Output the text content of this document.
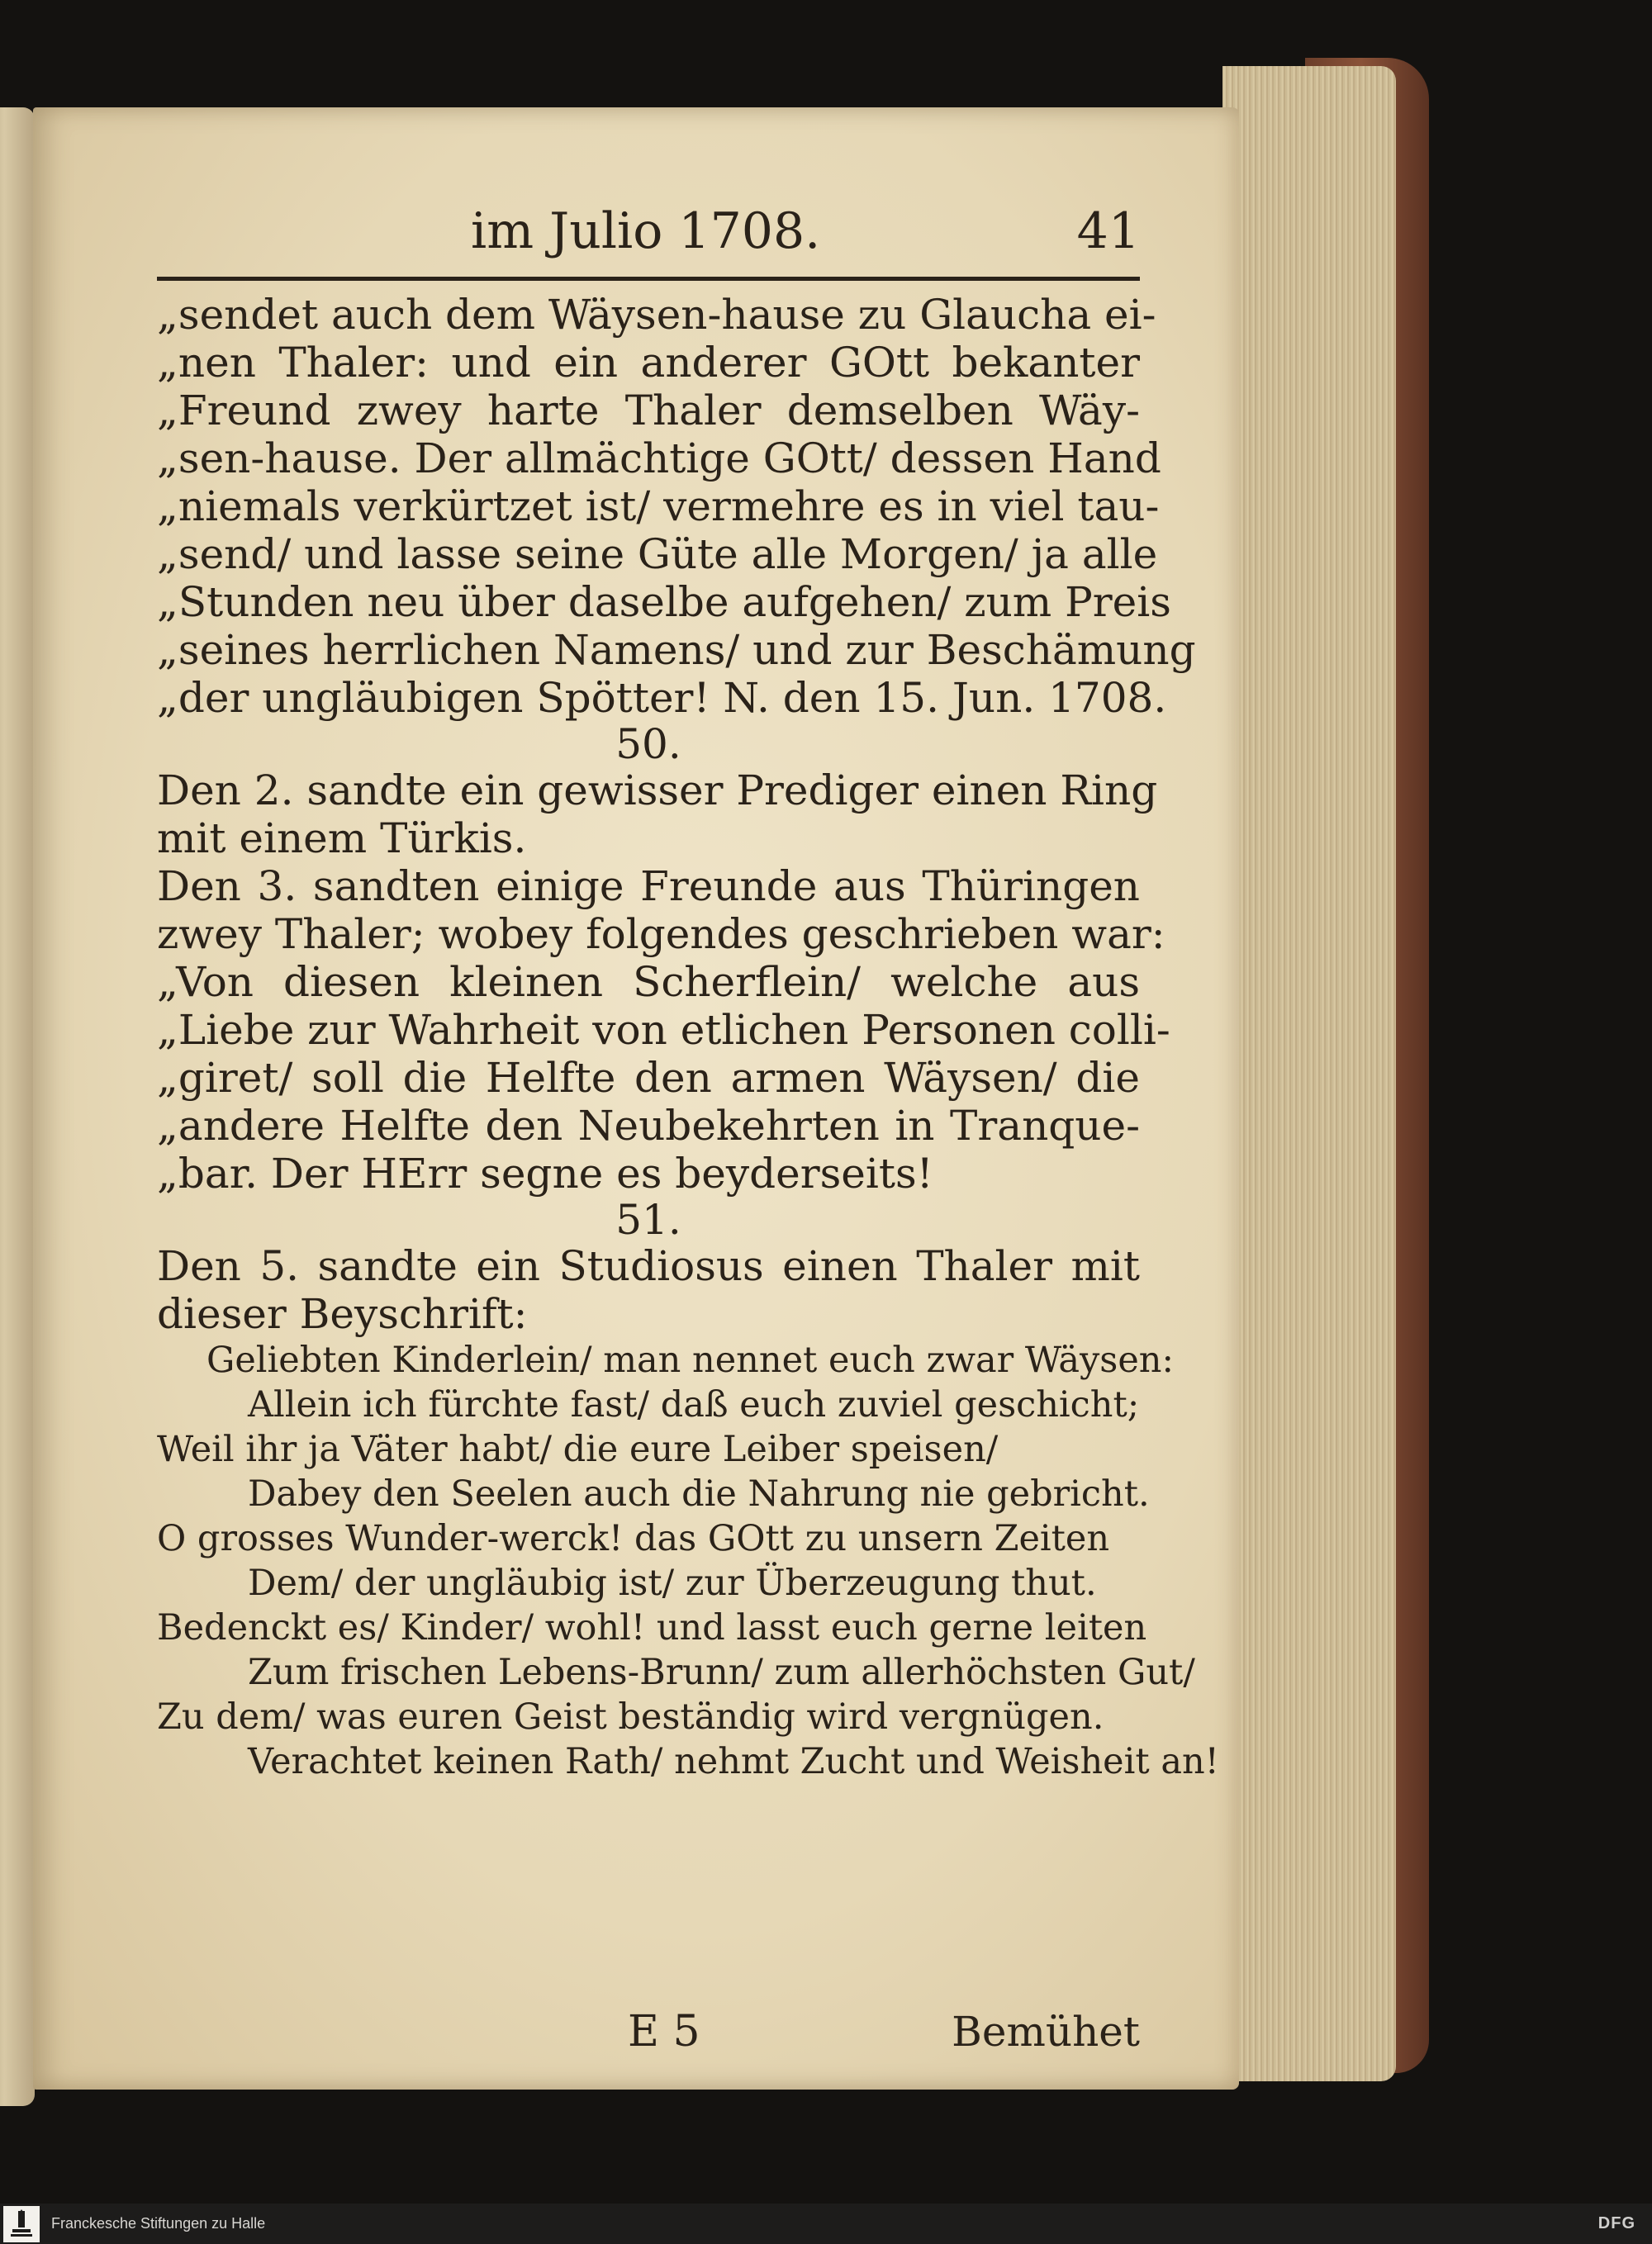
im Julio 1708.	41
„sendet auch dem Wäysen-hause zu Glaucha ei-
„nen Thaler: und ein anderer GOtt bekanter
„Freund zwey harte Thaler demselben Wäy-
„sen-hause. Der allmächtige GOtt/ dessen Hand
„niemals verkürtzet ist/ vermehre es in viel tau-
„send/ und lasse seine Güte alle Morgen/ ja alle
„Stunden neu über daselbe aufgehen/ zum Preis
„seines herrlichen Namens/ und zur Beschämung
„der ungläubigen Spötter! N. den 15. Jun. 1708.
50.
Den 2. sandte ein gewisser Prediger einen Ring
mit einem Türkis.
Den 3. sandten einige Freunde aus Thüringen
zwey Thaler; wobey folgendes geschrieben war:
„Von diesen kleinen Scherflein/ welche aus
„Liebe zur Wahrheit von etlichen Personen colli-
„giret/ soll die Helfte den armen Wäysen/ die
„andere Helfte den Neubekehrten in Tranque-
„bar. Der HErr segne es beyderseits!
51.
Den 5. sandte ein Studiosus einen Thaler mit
dieser Beyschrift:
Geliebten Kinderlein/ man nennet euch zwar Wäysen:
Allein ich fürchte fast/ daß euch zuviel geschicht;
Weil ihr ja Väter habt/ die eure Leiber speisen/
Dabey den Seelen auch die Nahrung nie gebricht.
O grosses Wunder-werck! das GOtt zu unsern Zeiten
Dem/ der ungläubig ist/ zur Überzeugung thut.
Bedenckt es/ Kinder/ wohl! und lasst euch gerne leiten
Zum frischen Lebens-Brunn/ zum allerhöchsten Gut/
Zu dem/ was euren Geist beständig wird vergnügen.
Verachtet keinen Rath/ nehmt Zucht und Weisheit an!
E 5	Bemühet
Franckesche Stiftungen zu Halle	DFG
